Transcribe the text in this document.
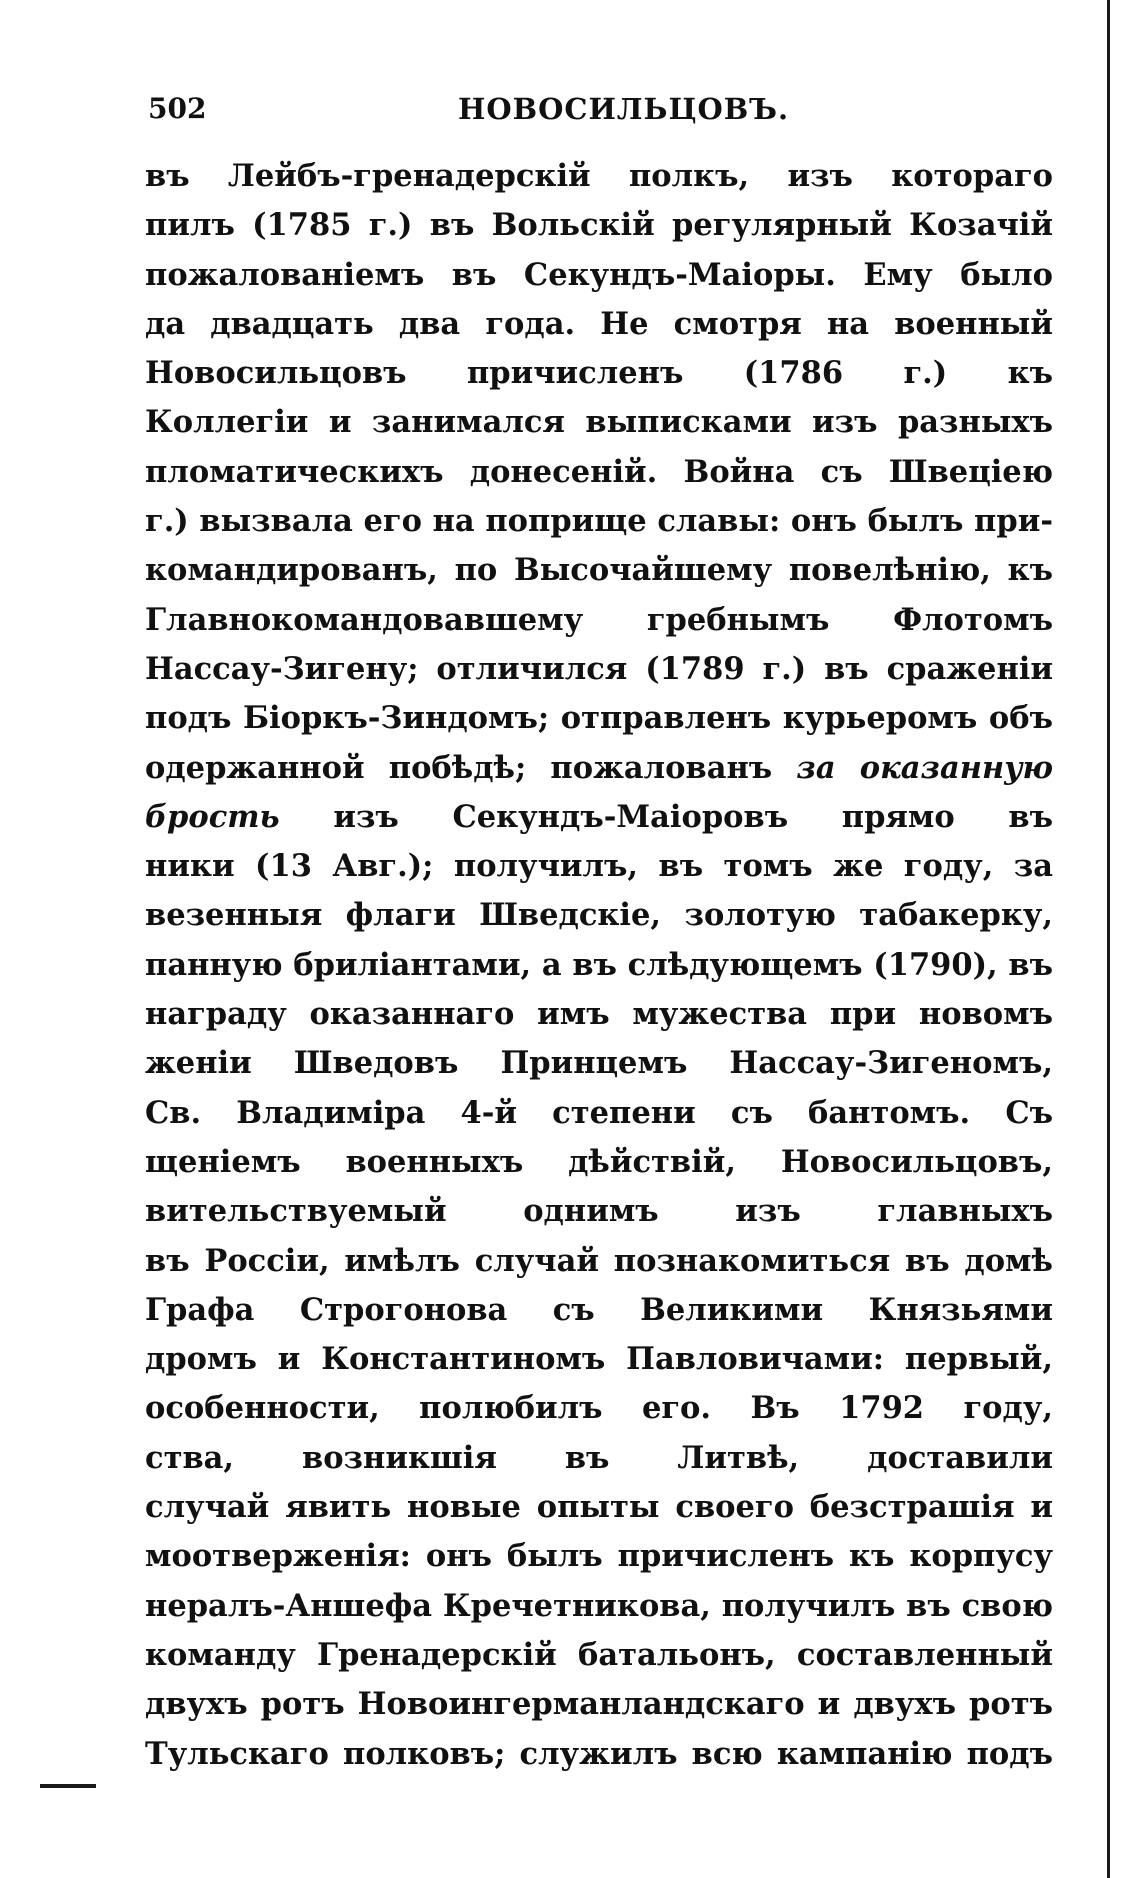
502	НОВОСИЛЬЦОВЪ.
въ Лейбъ-гренадерскій полкъ, изъ котораго
пилъ (1785 г.) въ Вольскій регулярный Козачій
пожалованіемъ въ Секундъ-Маіоры. Ему было
да двадцать два года. Не смотря на военный
Новосильцовъ причисленъ (1786 г.) къ
Коллегіи и занимался выписками изъ разныхъ
пломатическихъ донесеній. Война съ Швеціею
г.) вызвала его на поприще славы: онъ былъ при-
командированъ, по Высочайшему повелѣнію, къ
Главнокомандовавшему гребнымъ Флотомъ
Нассау-Зигену; отличился (1789 г.) въ сраженіи
подъ Біоркъ-Зиндомъ; отправленъ курьеромъ объ
одержанной побѣдѣ; пожалованъ за оказанную
брость изъ Секундъ-Маіоровъ прямо въ
ники (13 Авг.); получилъ, въ томъ же году, за
везенныя флаги Шведскіе, золотую табакерку,
панную бриліантами, а въ слѣдующемъ (1790), въ
награду оказаннаго имъ мужества при новомъ
женіи Шведовъ Принцемъ Нассау-Зигеномъ,
Св. Владиміра 4-й степени съ бантомъ. Съ
щеніемъ военныхъ дѣйствій, Новосильцовъ,
вительствуемый однимъ изъ главныхъ
въ Россіи, имѣлъ случай познакомиться въ домѣ
Графа Строгонова съ Великими Князьями
дромъ и Константиномъ Павловичами: первый,
особенности, полюбилъ его. Въ 1792 году,
ства, возникшія въ Литвѣ, доставили
случай явить новые опыты своего безстрашія и
моотверженія: онъ былъ причисленъ къ корпусу
нералъ-Аншефа Кречетникова, получилъ въ свою
команду Гренадерскій батальонъ, составленный
двухъ ротъ Новоингерманландскаго и двухъ ротъ
Тульскаго полковъ; служилъ всю кампанію подъ
